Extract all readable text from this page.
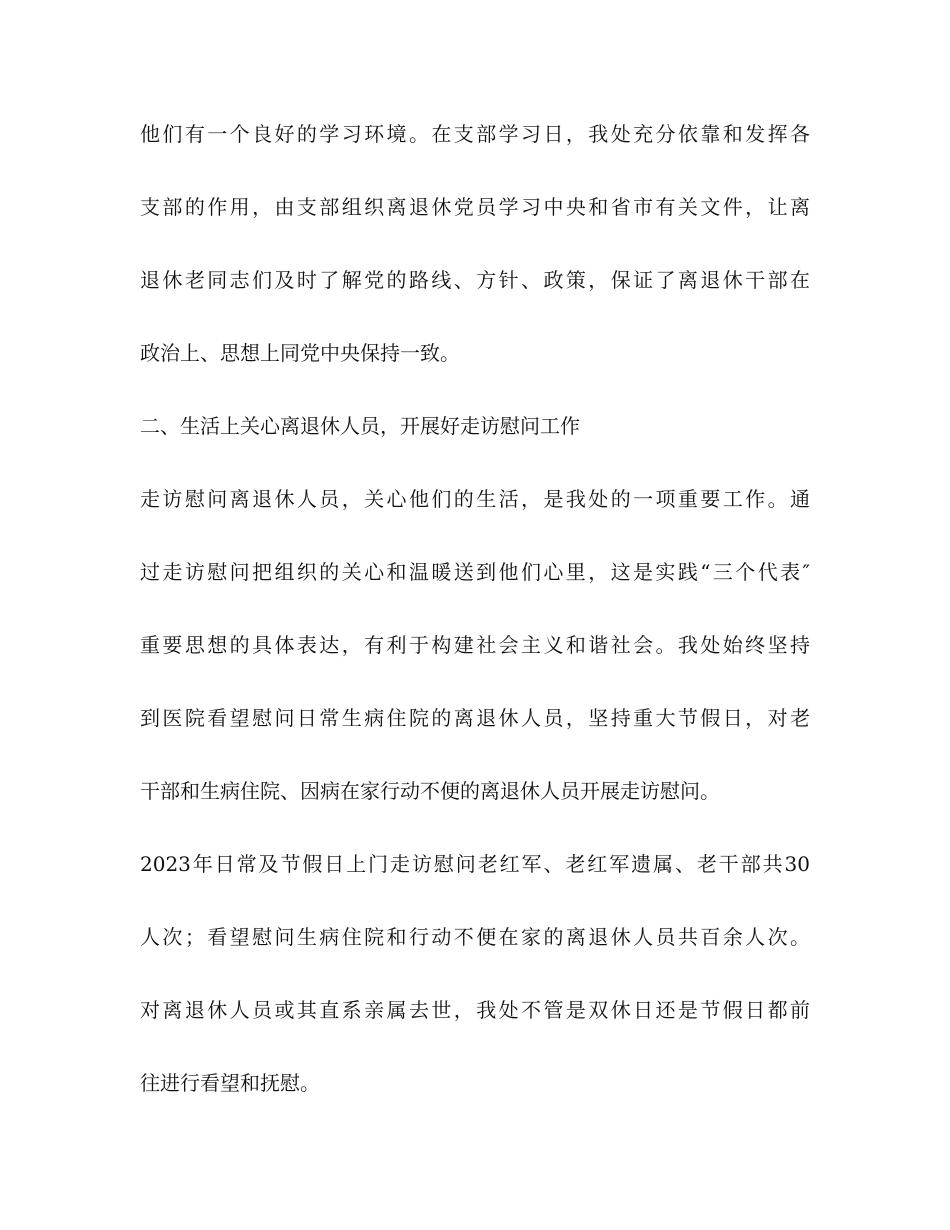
他们有一个良好的学习环境。在支部学习日，我处充分依靠和发挥各
支部的作用，由支部组织离退休党员学习中央和省市有关文件，让离
退休老同志们及时了解党的路线、方针、政策，保证了离退休干部在
政治上、思想上同党中央保持一致。
二、生活上关心离退休人员，开展好走访慰问工作
走访慰问离退休人员，关心他们的生活，是我处的一项重要工作。通
过走访慰问把组织的关心和温暖送到他们心里，这是实践“三个代表″
重要思想的具体表达，有利于构建社会主义和谐社会。我处始终坚持
到医院看望慰问日常生病住院的离退休人员，坚持重大节假日，对老
干部和生病住院、因病在家行动不便的离退休人员开展走访慰问。
2023年日常及节假日上门走访慰问老红军、老红军遗属、老干部共30
人次；看望慰问生病住院和行动不便在家的离退休人员共百余人次。
对离退休人员或其直系亲属去世，我处不管是双休日还是节假日都前
往进行看望和抚慰。
